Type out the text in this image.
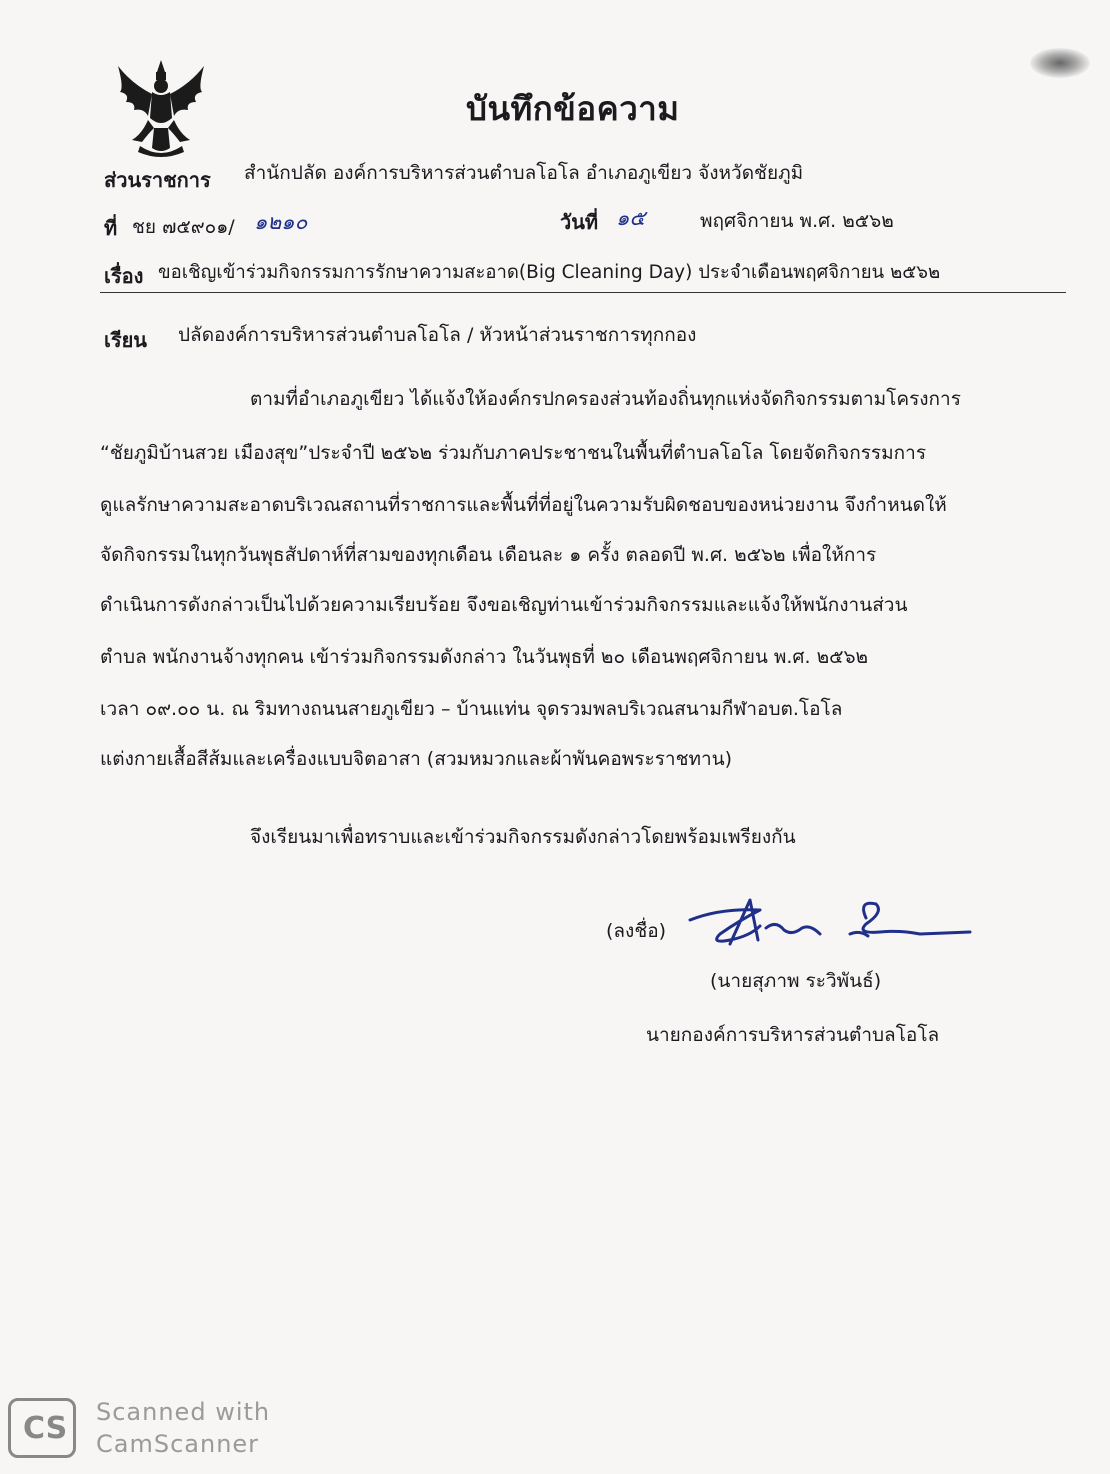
บันทึกข้อความ
ส่วนราชการ สำนักปลัด องค์การบริหารส่วนตำบลโอโล อำเภอภูเขียว จังหวัดชัยภูมิ
ที่ ชย ๗๕๙๐๑/ ๑๒๑๐	วันที่ ๑๕	พฤศจิกายน พ.ศ. ๒๕๖๒
เรื่อง ขอเชิญเข้าร่วมกิจกรรมการรักษาความสะอาด(Big Cleaning Day) ประจำเดือนพฤศจิกายน ๒๕๖๒
เรียน ปลัดองค์การบริหารส่วนตำบลโอโล / หัวหน้าส่วนราชการทุกกอง
ตามที่อำเภอภูเขียว ได้แจ้งให้องค์กรปกครองส่วนท้องถิ่นทุกแห่งจัดกิจกรรมตามโครงการ
“ชัยภูมิบ้านสวย เมืองสุข”ประจำปี ๒๕๖๒ ร่วมกับภาคประชาชนในพื้นที่ตำบลโอโล โดยจัดกิจกรรมการ
ดูแลรักษาความสะอาดบริเวณสถานที่ราชการและพื้นที่ที่อยู่ในความรับผิดชอบของหน่วยงาน จึงกำหนดให้
จัดกิจกรรมในทุกวันพุธสัปดาห์ที่สามของทุกเดือน เดือนละ ๑ ครั้ง ตลอดปี พ.ศ. ๒๕๖๒ เพื่อให้การ
ดำเนินการดังกล่าวเป็นไปด้วยความเรียบร้อย จึงขอเชิญท่านเข้าร่วมกิจกรรมและแจ้งให้พนักงานส่วน
ตำบล พนักงานจ้างทุกคน เข้าร่วมกิจกรรมดังกล่าว ในวันพุธที่ ๒๐ เดือนพฤศจิกายน พ.ศ. ๒๕๖๒
เวลา ๐๙.๐๐ น. ณ ริมทางถนนสายภูเขียว – บ้านแท่น จุดรวมพลบริเวณสนามกีฬาอบต.โอโล
แต่งกายเสื้อสีส้มและเครื่องแบบจิตอาสา (สวมหมวกและผ้าพันคอพระราชทาน)
จึงเรียนมาเพื่อทราบและเข้าร่วมกิจกรรมดังกล่าวโดยพร้อมเพรียงกัน
(ลงชื่อ)
(นายสุภาพ ระวิพันธ์)
นายกองค์การบริหารส่วนตำบลโอโล
CS Scanned with
CamScanner
